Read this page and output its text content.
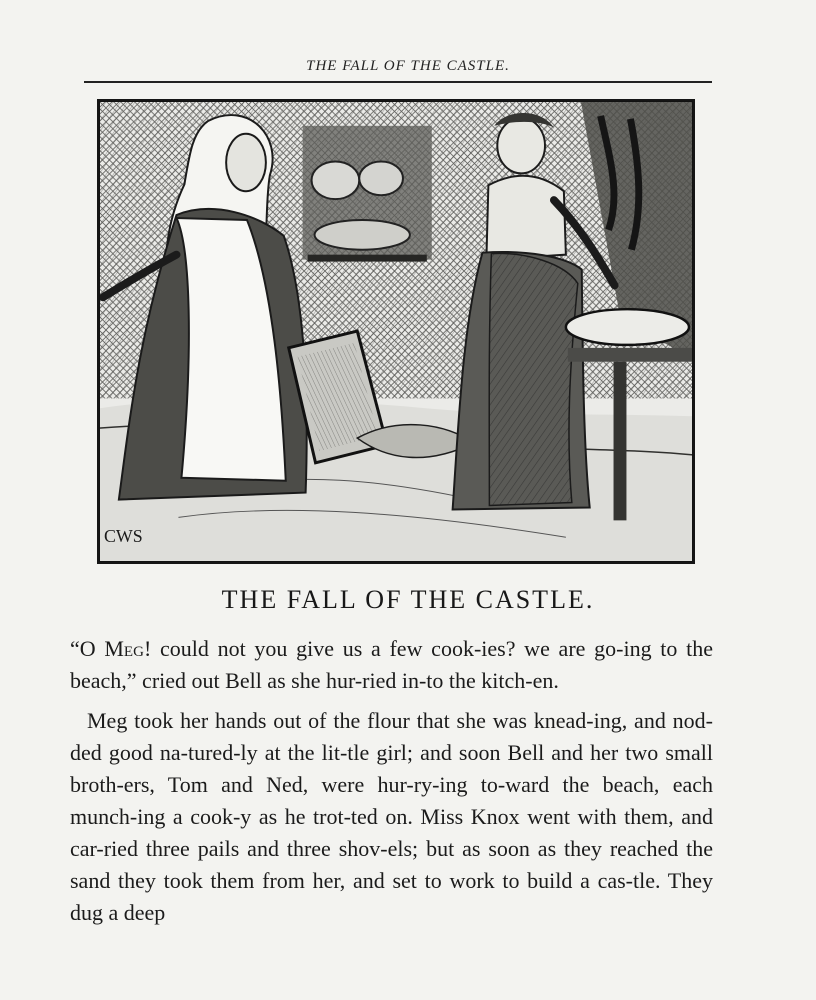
THE FALL OF THE CASTLE.
CWS
THE FALL OF THE CASTLE.

“O Meg! could not you give us a few cook-ies? we are go-ing to the beach,” cried out Bell as she hur-ried in-to the kitch-en.

Meg took her hands out of the flour that she was knead-ing, and nod-ded good na-tured-ly at the lit-tle girl; and soon Bell and her two small broth-ers, Tom and Ned, were hur-ry-ing to-ward the beach, each munch-ing a cook-y as he trot-ted on. Miss Knox went with them, and car-ried three pails and three shov-els; but as soon as they reached the sand they took them from her, and set to work to build a cas-tle. They dug a deep
